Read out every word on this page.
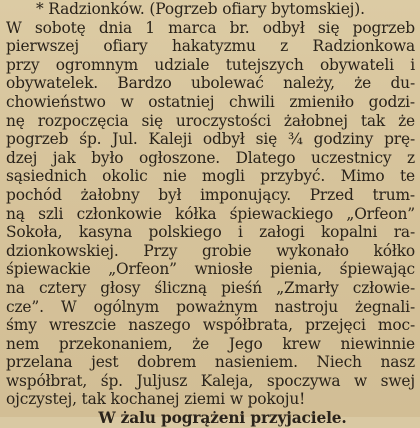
* Radzionków. (Pogrzeb ofiary bytomskiej).
W sobotę dnia 1 marca br. odbył się pogrzeb
pierwszej ofiary hakatyzmu z Radzionkowa
przy ogromnym udziale tutejszych obywateli i
obywatelek. Bardzo ubolewać należy, że du-
chowieństwo w ostatniej chwili zmieniło godzi-
nę rozpoczęcia się uroczystości żałobnej tak że
pogrzeb śp. Jul. Kaleji odbył się ¾ godziny prę-
dzej jak było ogłoszone. Dlatego uczestnicy z
sąsiednich okolic nie mogli przybyć. Mimo te
pochód żałobny był imponujący. Przed trum-
ną szli członkowie kółka śpiewackiego „Orfeon”
Sokoła, kasyna polskiego i załogi kopalni ra-
dzionkowskiej. Przy grobie wykonało kółko
śpiewackie „Orfeon” wniosłe pienia, śpiewając
na cztery głosy śliczną pieśń „Zmarły człowie-
cze”. W ogólnym poważnym nastroju żegnali-
śmy wreszcie naszego współbrata, przejęci moc-
nem przekonaniem, że Jego krew niewinnie
przelana jest dobrem nasieniem. Niech nasz
współbrat, śp. Juljusz Kaleja, spoczywa w swej
ojczystej, tak kochanej ziemi w pokoju!
W żalu pogrążeni przyjaciele.
